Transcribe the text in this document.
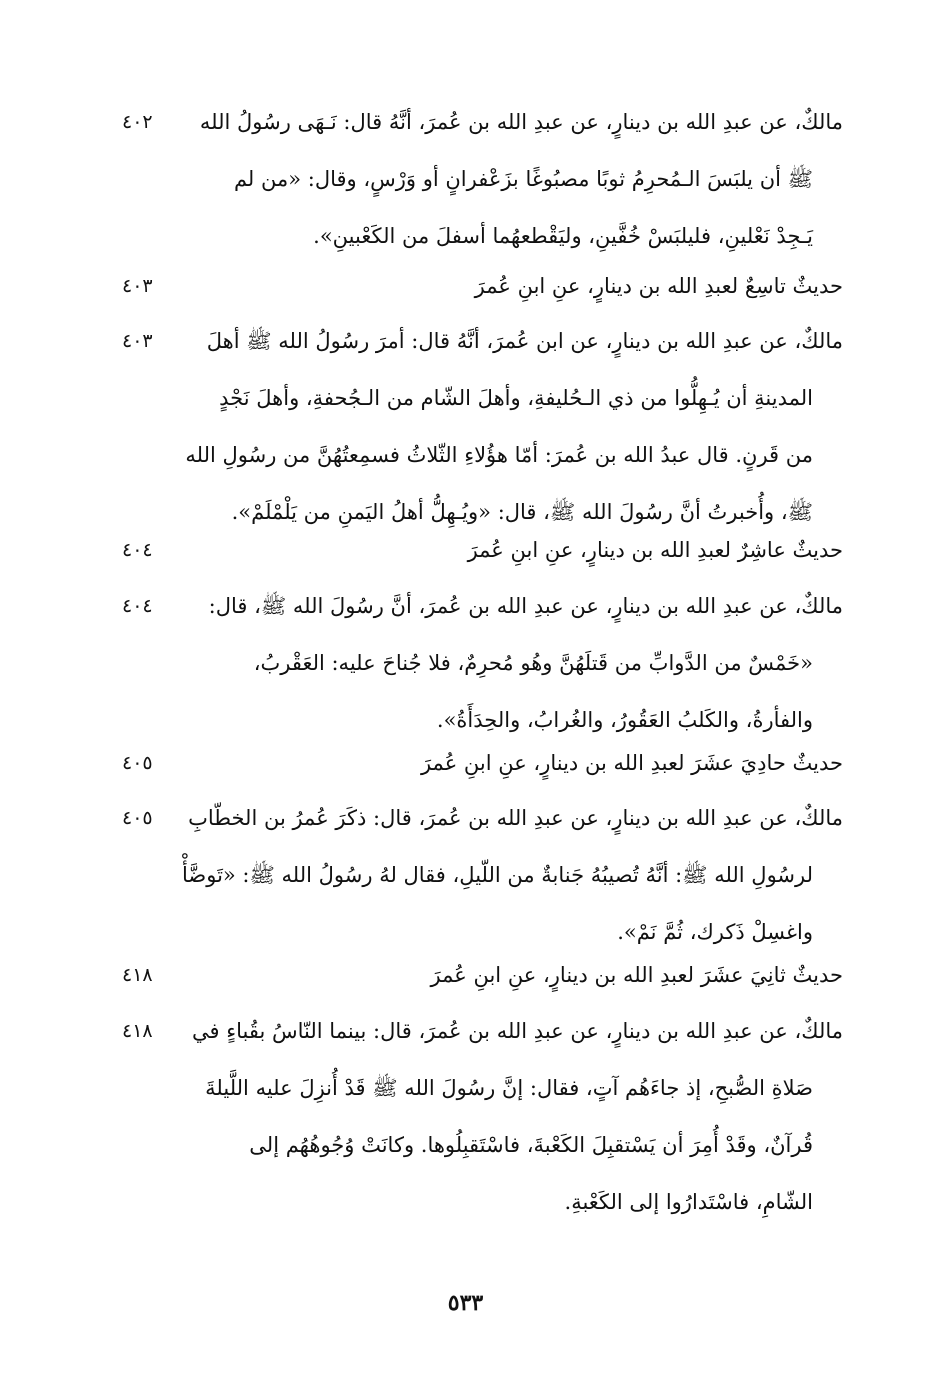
مالكٌ، عن عبدِ الله بن دينارٍ، عن عبدِ الله بن عُمرَ، أنَّهُ قال: نَـهَى رسُولُ الله
ﷺ أن يلبَسَ الـمُحرِمُ ثوبًا مصبُوغًا بزَعْفرانٍ أو وَرْسٍ، وقال: «من لم
يَـجِدْ نَعْلينِ، فليلبَسْ خُفَّينِ، وليَقْطعهُما أسفلَ من الكَعْبينِ».
٤٠٢
حديثٌ تاسِعٌ لعبدِ الله بن دينارٍ، عنِ ابنِ عُمرَ
٤٠٣
مالكٌ، عن عبدِ الله بن دينارٍ، عن ابن عُمرَ، أنَّهُ قال: أمرَ رسُولُ الله ﷺ أهلَ
المدينةِ أن يُـهِلُّوا من ذي الـحُليفةِ، وأهلَ الشّام من الـجُحفةِ، وأهلَ نَجْدٍ
من قَرنٍ. قال عبدُ الله بن عُمرَ: أمّا هؤُلاءِ الثّلاثُ فسمِعتُهُنَّ من رسُولِ الله
ﷺ، وأُخبرتُ أنَّ رسُولَ الله ﷺ، قال: «ويُـهِلُّ أهلُ اليَمنِ من يَلْمْلَمْ».
٤٠٣
حديثٌ عاشِرٌ لعبدِ الله بن دينارٍ، عنِ ابنِ عُمرَ
٤٠٤
مالكٌ، عن عبدِ الله بن دينارٍ، عن عبدِ الله بن عُمرَ، أنَّ رسُولَ الله ﷺ، قال:
«خَمْسٌ من الدَّوابِّ من قَتلَهُنَّ وهُو مُحرِمٌ، فلا جُناحَ عليه: العَقْربُ،
والفأرةُ، والكَلبُ العَقُورُ، والغُرابُ، والحِدَأَةُ».
٤٠٤
حديثٌ حادِيَ عشَرَ لعبدِ الله بن دينارٍ، عنِ ابنِ عُمرَ
٤٠٥
مالكٌ، عن عبدِ الله بن دينارٍ، عن عبدِ الله بن عُمرَ، قال: ذكَرَ عُمرُ بن الخطّابِ
لرسُولِ الله ﷺ: أنَّهُ تُصيبُهُ جَنابةٌ من اللّيلِ، فقال لهُ رسُولُ الله ﷺ: «تَوضَّأْ
واغسِلْ ذَكرك، ثُمَّ نَمْ».
٤٠٥
حديثٌ ثانِيَ عشَرَ لعبدِ الله بن دينارٍ، عنِ ابنِ عُمرَ
٤١٨
مالكٌ، عن عبدِ الله بن دينارٍ، عن عبدِ الله بن عُمرَ، قال: بينما النّاسُ بقُباءٍ في
صَلاةِ الصُّبحِ، إذ جاءَهُم آتٍ، فقال: إنَّ رسُولَ الله ﷺ قَدْ أُنزِلَ عليه اللَّيلةَ
قُرآنٌ، وقَدْ أُمِرَ أن يَسْتقبِلَ الكَعْبةَ، فاسْتَقبِلُوها. وكانَتْ وُجُوهُهُم إلى
الشّامِ، فاسْتَدارُوا إلى الكَعْبةِ.
٤١٨
٥٣٣
